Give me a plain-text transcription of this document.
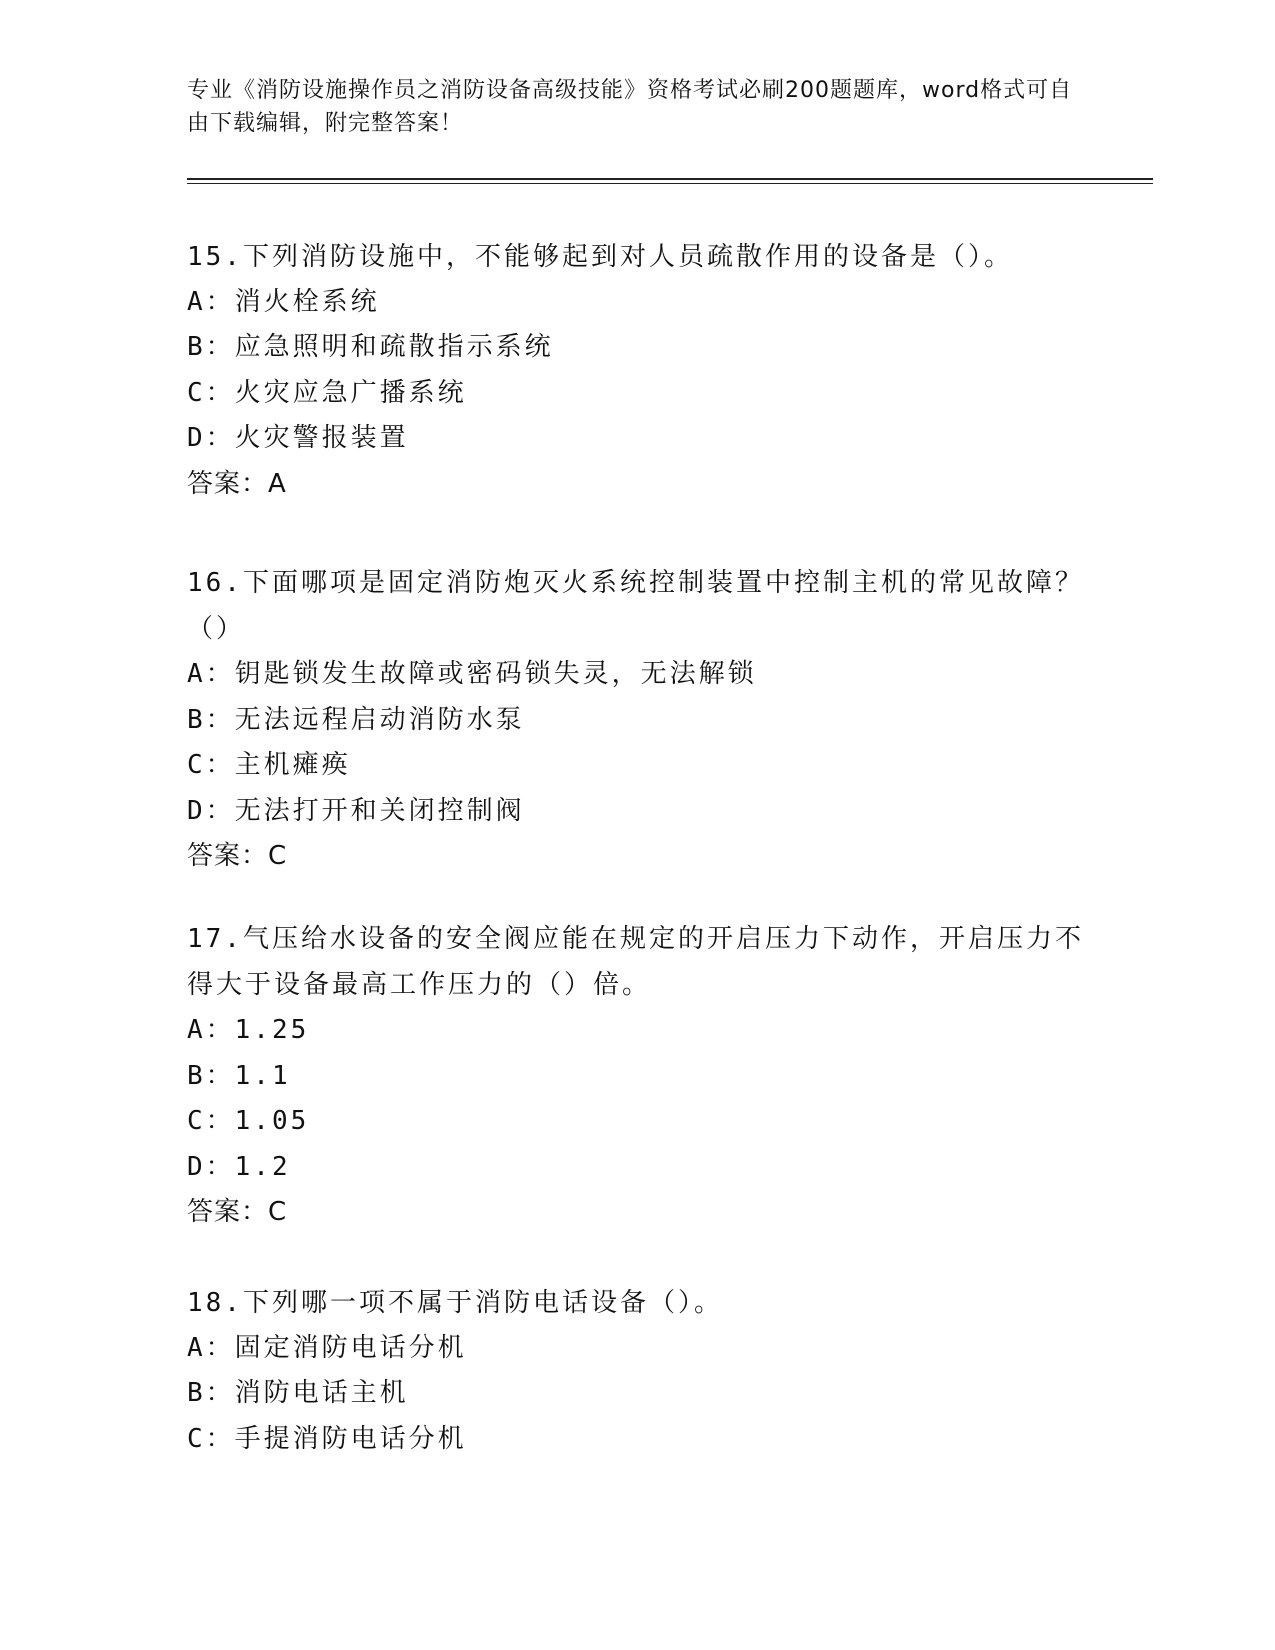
专业《消防设施操作员之消防设备高级技能》资格考试必刷200题题库，word格式可自由下载编辑，附完整答案！
15.下列消防设施中，不能够起到对人员疏散作用的设备是（）。
A：消火栓系统
B：应急照明和疏散指示系统
C：火灾应急广播系统
D：火灾警报装置
答案：A
16.下面哪项是固定消防炮灭火系统控制装置中控制主机的常见故障？（）
A：钥匙锁发生故障或密码锁失灵，无法解锁
B：无法远程启动消防水泵
C：主机瘫痪
D：无法打开和关闭控制阀
答案：C
17.气压给水设备的安全阀应能在规定的开启压力下动作，开启压力不得大于设备最高工作压力的（）倍。
A：1.25
B：1.1
C：1.05
D：1.2
答案：C
18.下列哪一项不属于消防电话设备（）。
A：固定消防电话分机
B：消防电话主机
C：手提消防电话分机
